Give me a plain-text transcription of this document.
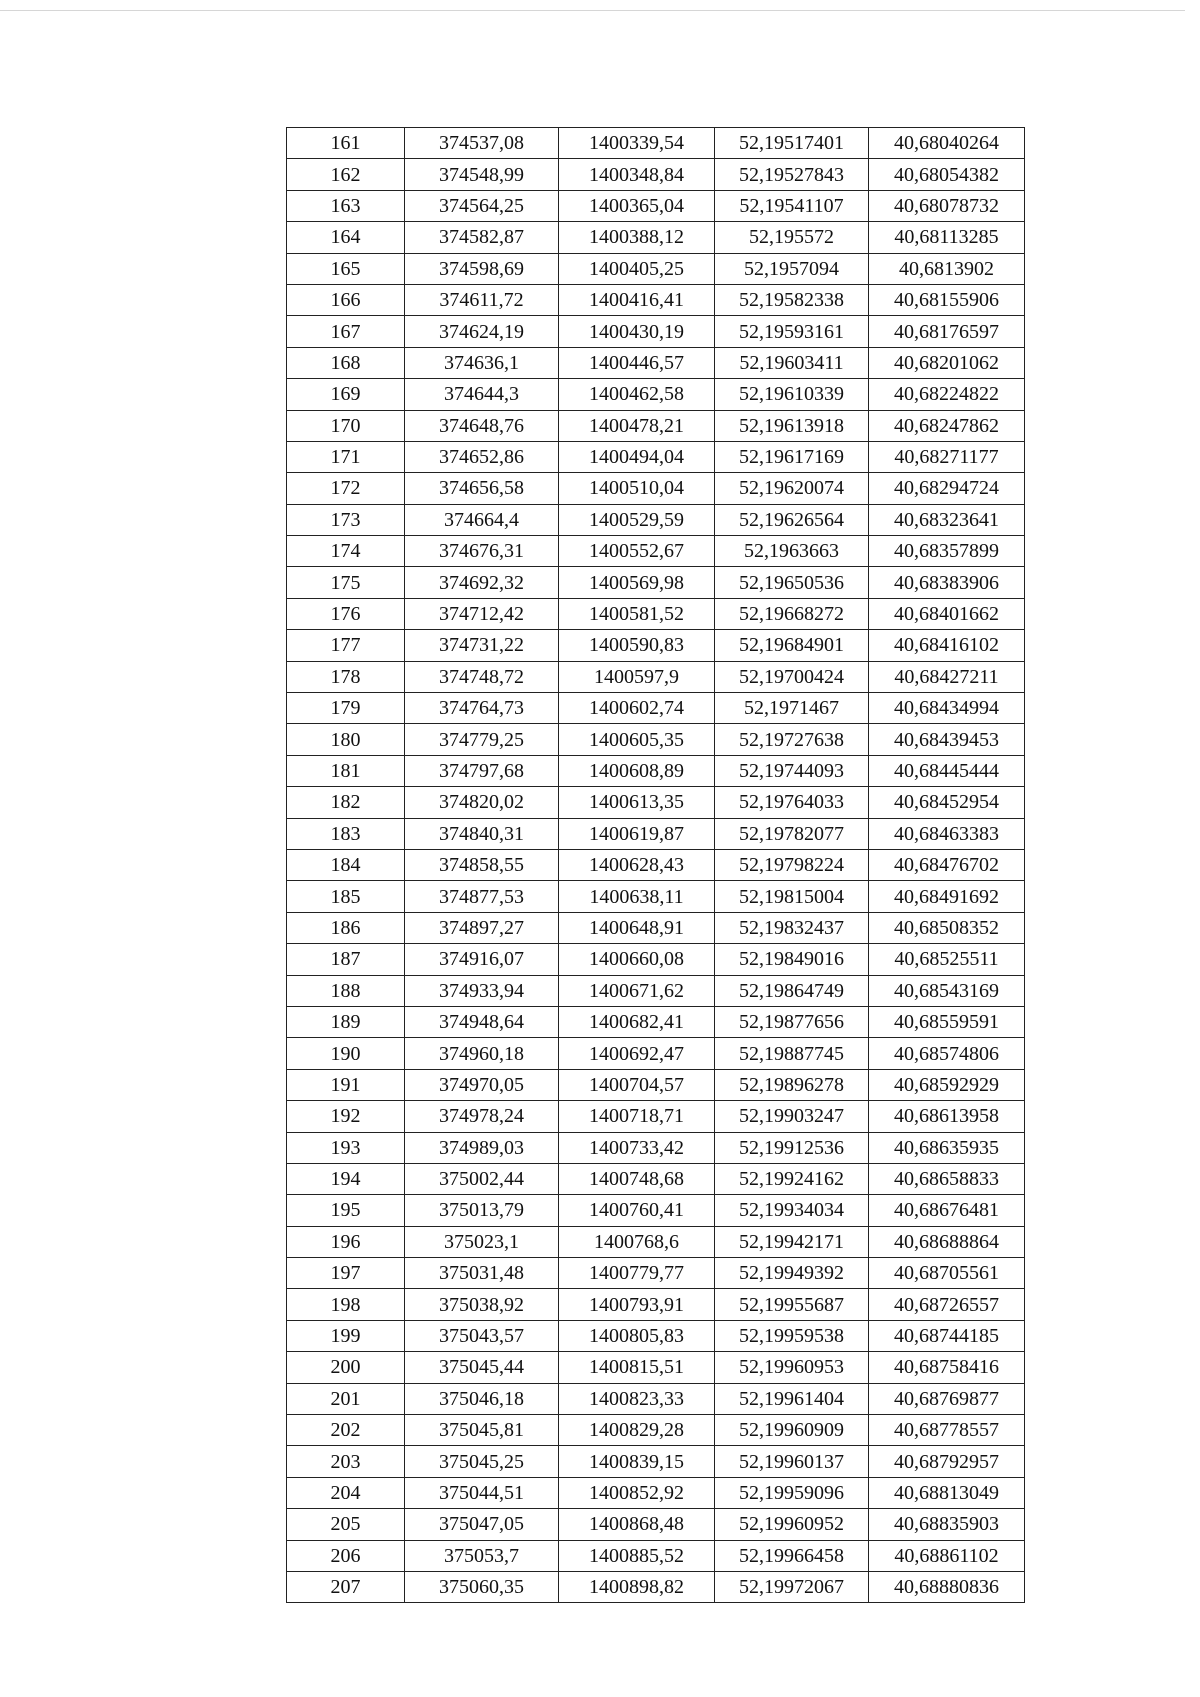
161	374537,08	1400339,54	52,19517401	40,68040264
162	374548,99	1400348,84	52,19527843	40,68054382
163	374564,25	1400365,04	52,19541107	40,68078732
164	374582,87	1400388,12	52,195572	40,68113285
165	374598,69	1400405,25	52,1957094	40,6813902
166	374611,72	1400416,41	52,19582338	40,68155906
167	374624,19	1400430,19	52,19593161	40,68176597
168	374636,1	1400446,57	52,19603411	40,68201062
169	374644,3	1400462,58	52,19610339	40,68224822
170	374648,76	1400478,21	52,19613918	40,68247862
171	374652,86	1400494,04	52,19617169	40,68271177
172	374656,58	1400510,04	52,19620074	40,68294724
173	374664,4	1400529,59	52,19626564	40,68323641
174	374676,31	1400552,67	52,1963663	40,68357899
175	374692,32	1400569,98	52,19650536	40,68383906
176	374712,42	1400581,52	52,19668272	40,68401662
177	374731,22	1400590,83	52,19684901	40,68416102
178	374748,72	1400597,9	52,19700424	40,68427211
179	374764,73	1400602,74	52,1971467	40,68434994
180	374779,25	1400605,35	52,19727638	40,68439453
181	374797,68	1400608,89	52,19744093	40,68445444
182	374820,02	1400613,35	52,19764033	40,68452954
183	374840,31	1400619,87	52,19782077	40,68463383
184	374858,55	1400628,43	52,19798224	40,68476702
185	374877,53	1400638,11	52,19815004	40,68491692
186	374897,27	1400648,91	52,19832437	40,68508352
187	374916,07	1400660,08	52,19849016	40,68525511
188	374933,94	1400671,62	52,19864749	40,68543169
189	374948,64	1400682,41	52,19877656	40,68559591
190	374960,18	1400692,47	52,19887745	40,68574806
191	374970,05	1400704,57	52,19896278	40,68592929
192	374978,24	1400718,71	52,19903247	40,68613958
193	374989,03	1400733,42	52,19912536	40,68635935
194	375002,44	1400748,68	52,19924162	40,68658833
195	375013,79	1400760,41	52,19934034	40,68676481
196	375023,1	1400768,6	52,19942171	40,68688864
197	375031,48	1400779,77	52,19949392	40,68705561
198	375038,92	1400793,91	52,19955687	40,68726557
199	375043,57	1400805,83	52,19959538	40,68744185
200	375045,44	1400815,51	52,19960953	40,68758416
201	375046,18	1400823,33	52,19961404	40,68769877
202	375045,81	1400829,28	52,19960909	40,68778557
203	375045,25	1400839,15	52,19960137	40,68792957
204	375044,51	1400852,92	52,19959096	40,68813049
205	375047,05	1400868,48	52,19960952	40,68835903
206	375053,7	1400885,52	52,19966458	40,68861102
207	375060,35	1400898,82	52,19972067	40,68880836
